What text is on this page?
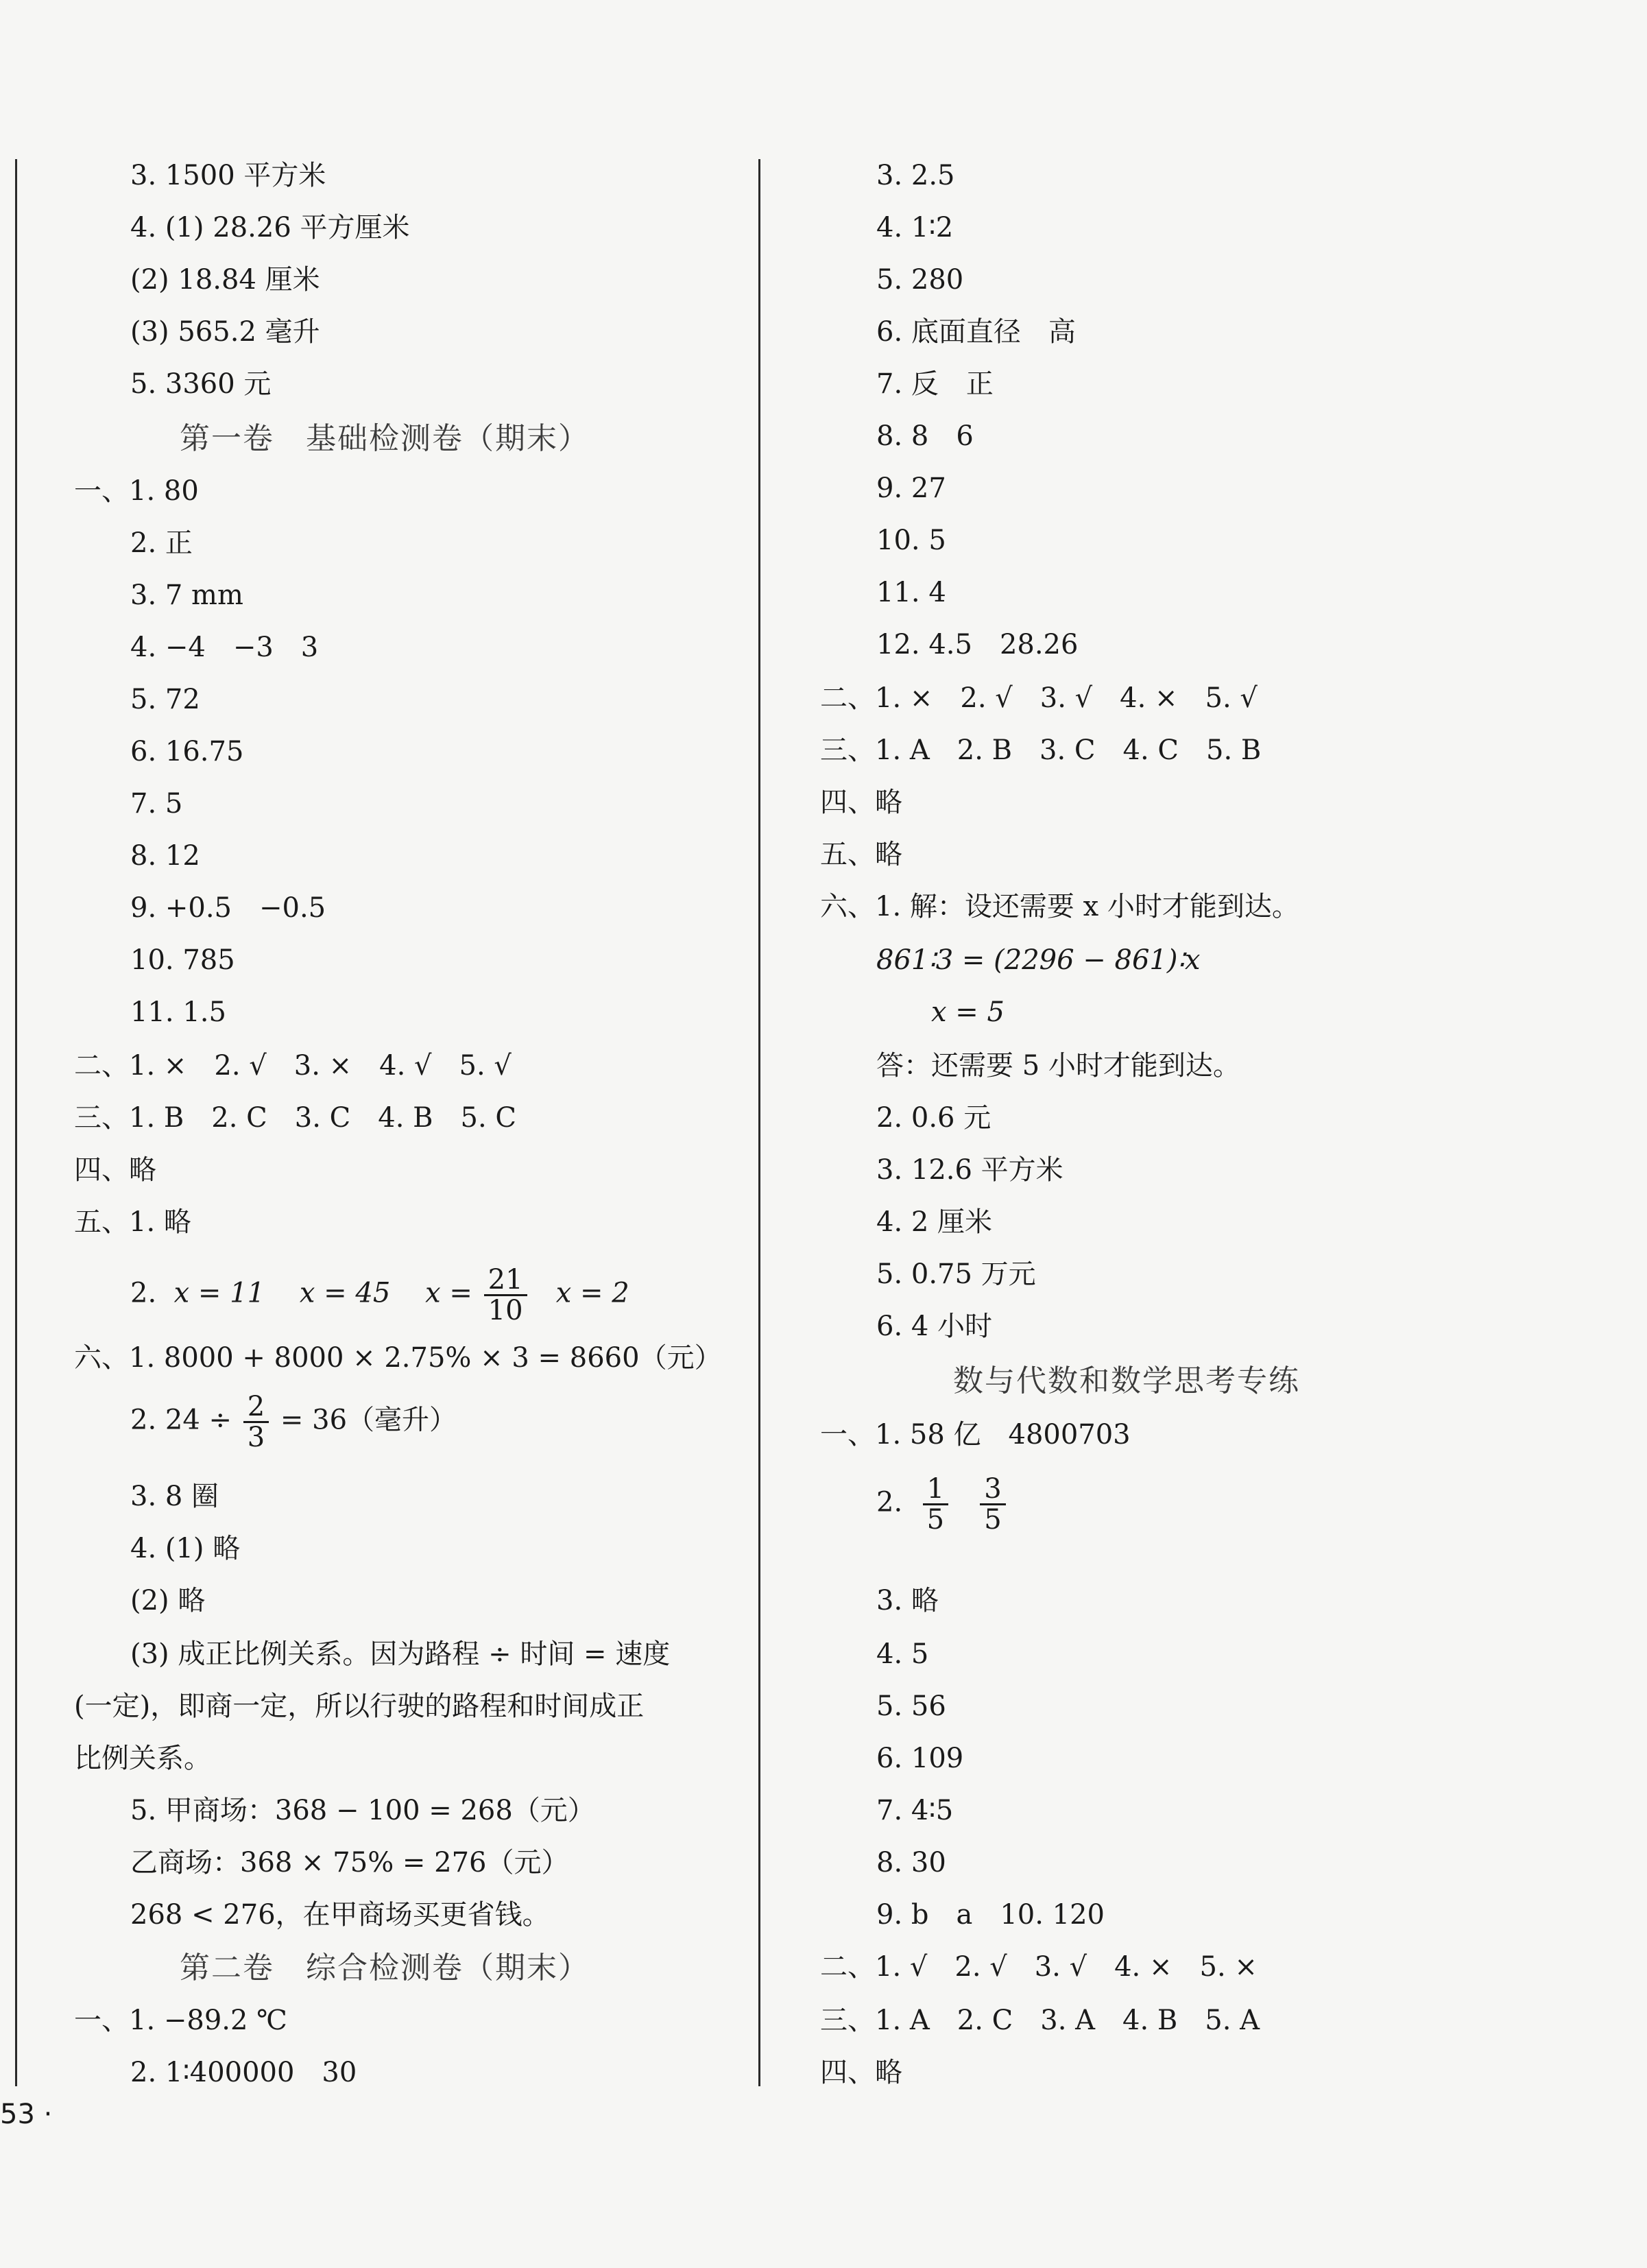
3. 1500 平方米
4. (1) 28.26 平方厘米
(2) 18.84 厘米
(3) 565.2 毫升
5. 3360 元
第一卷　基础检测卷（期末）
一、1. 80
2. 正
3. 7 mm
4. −4　−3　3
5. 72
6. 16.75
7. 5
8. 12
9. +0.5　−0.5
10. 785
11. 1.5
二、1. ×　2. √　3. ×　4. √　5. √
三、1. B　2. C　3. C　4. B　5. C
四、略
五、1. 略
2. x = 11 x = 45 $x = \frac{21}{10}$ x = 2
六、1. 8000 + 8000 × 2.75% × 3 = 8660（元）
2. $24 \div \frac{2}{3} = 36$（毫升）
3. 8 圈
4. (1) 略
(2) 略
(3) 成正比例关系。因为路程 ÷ 时间 = 速度
(一定)，即商一定，所以行驶的路程和时间成正
比例关系。
5. 甲商场：368 − 100 = 268（元）
乙商场：368 × 75% = 276（元）
268 < 276，在甲商场买更省钱。
第二卷　综合检测卷（期末）
一、1. −89.2 ℃
2. 1∶400000　30
3. 2.5
4. 1∶2
5. 280
6. 底面直径　高
7. 反　正
8. 8　6
9. 27
10. 5
11. 4
12. 4.5　28.26
二、1. ×　2. √　3. √　4. ×　5. √
三、1. A　2. B　3. C　4. C　5. B
四、略
五、略
六、1. 解：设还需要 x 小时才能到达。
861∶3 = (2296 − 861)∶x
x = 5
答：还需要 5 小时才能到达。
2. 0.6 元
3. 12.6 平方米
4. 2 厘米
5. 0.75 万元
6. 4 小时
数与代数和数学思考专练
一、1. 58 亿　4800703
2. $\frac{1}{5}$
$\frac{3}{5}$
3. 略
4. 5
5. 56
6. 109
7. 4∶5
8. 30
9. b　a　10. 120
二、1. √　2. √　3. √　4. ×　5. ×
三、1. A　2. C　3. A　4. B　5. A
四、略
53 ·
